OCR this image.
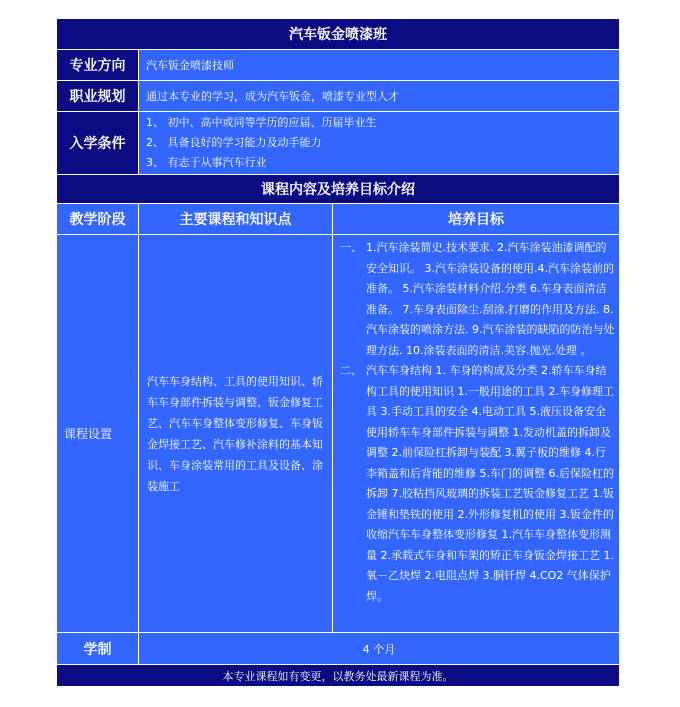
汽车钣金喷漆班		
专业方向	汽车钣金喷漆技师	
职业规划	通过本专业的学习，成为汽车钣金，喷漆专业型人才	
入学条件	1、 初中、高中或同等学历的应届、历届毕业生
2、 具备良好的学习能力及动手能力
3、 有志于从事汽车行业	

课程内容及培养目标介绍		
教学阶段	主要课程和知识点	培养目标
课程设置	汽车车身结构、工具的使用知识、轿车车身部件拆装与调整、钣金修复工艺、汽车车身整体变形修复、车身钣金焊接工艺、汽车修补涂料的基本知识、车身涂装常用的工具及设备、涂装施工	一、 1.汽车涂装简史.技术要求. 2.汽车涂装油漆调配的安全知识。 3.汽车涂装设备的使用.4.汽车涂装前的准备。 5.汽车涂装材料介绍.分类 6.车身表面清洁准备。 7.车身表面除尘.刮涂.打磨的作用及方法. 8.汽车涂装的喷涂方法. 9.汽车涂装的缺陷的防治与处理方法. 10.涂装表面的清洁.美容.抛光.处理 。
二、 汽车车身结构 1. 车身的构成及分类 2.轿车车身结构工具的使用知识 1.一般用途的工具 2.车身修理工具 3.手动工具的安全 4.电动工具 5.液压设备安全使用轿车车身部件拆装与调整 1.发动机盖的拆卸及调整 2.前保险杠拆卸与装配 3.翼子板的维修 4.行李箱盖和后背能的维修 5.车门的调整 6.后保险杠的拆卸 7.胶粘挡风玻璃的拆装工艺钣金修复工艺 1.钣金锤和垫铁的使用 2.外形修复机的使用 3.钣金件的收缩汽车车身整体变形修复 1.汽车车身整体变形测量 2.承载式车身和车架的矫正车身钣金焊接工艺 1.氧－乙炔焊 2.电阻点焊 3.胴钎焊 4.CO2 气体保护焊。

学制	4 个月	
本专业课程如有变更，以教务处最新课程为准。		
